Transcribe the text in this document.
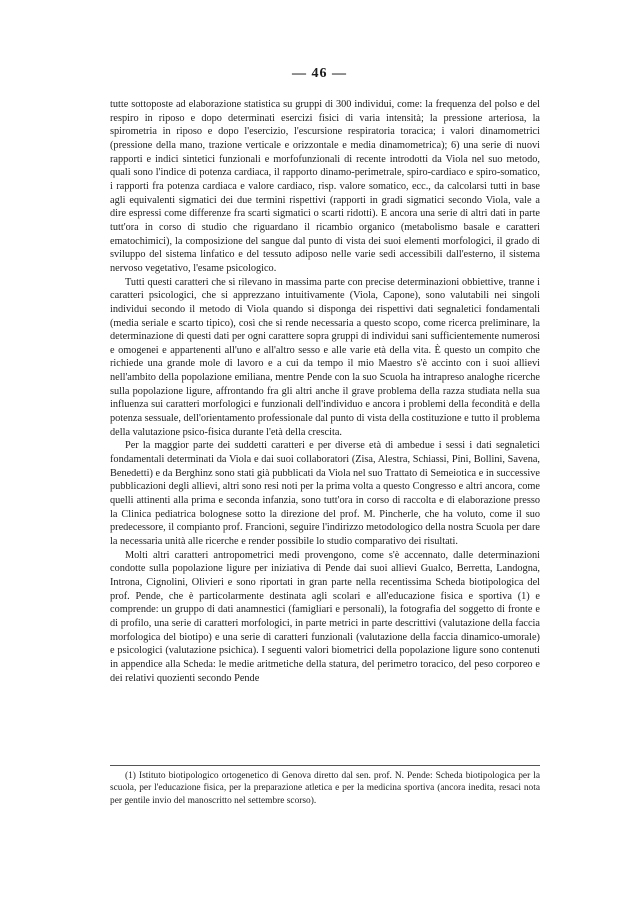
— 46 —

tutte sottoposte ad elaborazione statistica su gruppi di 300 individui, come: la frequenza del polso e del respiro in riposo e dopo determinati esercizi fisici di varia intensità; la pressione arteriosa, la spirometria in riposo e dopo l'esercizio, l'escursione respiratoria toracica; i valori dinamometrici (pressione della mano, trazione verticale e orizzontale e media dinamometrica); 6) una serie di nuovi rapporti e indici sintetici funzionali e morfofunzionali di recente introdotti da Viola nel suo metodo, quali sono l'indice di potenza cardiaca, il rapporto dinamo-perimetrale, spiro-cardiaco e spiro-somatico, i rapporti fra potenza cardiaca e valore cardiaco, risp. valore somatico, ecc., da calcolarsi tutti in base agli equivalenti sigmatici dei due termini rispettivi (rapporti in gradi sigmatici secondo Viola, vale a dire espressi come differenze fra scarti sigmatici o scarti ridotti). E ancora una serie di altri dati in parte tutt'ora in corso di studio che riguardano il ricambio organico (metabolismo basale e caratteri ematochimici), la composizione del sangue dal punto di vista dei suoi elementi morfologici, il grado di sviluppo del sistema linfatico e del tessuto adiposo nelle varie sedi accessibili dall'esterno, il sistema nervoso vegetativo, l'esame psicologico.

Tutti questi caratteri che si rilevano in massima parte con precise determinazioni obbiettive, tranne i caratteri psicologici, che si apprezzano intuitivamente (Viola, Capone), sono valutabili nei singoli individui secondo il metodo di Viola quando si disponga dei rispettivi dati segnaletici fondamentali (media seriale e scarto tipico), così che si rende necessaria a questo scopo, come ricerca preliminare, la determinazione di questi dati per ogni carattere sopra gruppi di individui sani sufficientemente numerosi e omogenei e appartenenti all'uno e all'altro sesso e alle varie età della vita. È questo un compito che richiede una grande mole di lavoro e a cui da tempo il mio Maestro s'è accinto con i suoi allievi nell'ambito della popolazione emiliana, mentre Pende con la suo Scuola ha intrapreso analoghe ricerche sulla popolazione ligure, affrontando fra gli altri anche il grave problema della razza studiata nella sua influenza sui caratteri morfologici e funzionali dell'individuo e ancora i problemi della fecondità e della potenza sessuale, dell'orientamento professionale dal punto di vista della costituzione e tutto il problema della valutazione psico-fisica durante l'età della crescita.

Per la maggior parte dei suddetti caratteri e per diverse età di ambedue i sessi i dati segnaletici fondamentali determinati da Viola e dai suoi collaboratori (Zisa, Alestra, Schiassi, Pini, Bollini, Savena, Benedetti) e da Berghinz sono stati già pubblicati da Viola nel suo Trattato di Semeiotica e in successive pubblicazioni degli allievi, altri sono resi noti per la prima volta a questo Congresso e altri ancora, come quelli attinenti alla prima e seconda infanzia, sono tutt'ora in corso di raccolta e di elaborazione presso la Clinica pediatrica bolognese sotto la direzione del prof. M. Pincherle, che ha voluto, come il suo predecessore, il compianto prof. Francioni, seguire l'indirizzo metodologico della nostra Scuola per dare la necessaria unità alle ricerche e render possibile lo studio comparativo dei risultati.

Molti altri caratteri antropometrici medi provengono, come s'è accennato, dalle determinazioni condotte sulla popolazione ligure per iniziativa di Pende dai suoi allievi Gualco, Berretta, Landogna, Introna, Cignolini, Olivieri e sono riportati in gran parte nella recentissima Scheda biotipologica del prof. Pende, che è particolarmente destinata agli scolari e all'educazione fisica e sportiva (1) e comprende: un gruppo di dati anamnestici (famigliari e personali), la fotografia del soggetto di fronte e di profilo, una serie di caratteri morfologici, in parte metrici in parte descrittivi (valutazione della faccia morfologica del biotipo) e una serie di caratteri funzionali (valutazione della faccia dinamico-umorale) e psicologici (valutazione psichica). I seguenti valori biometrici della popolazione ligure sono contenuti in appendice alla Scheda: le medie aritmetiche della statura, del perimetro toracico, del peso corporeo e dei relativi quozienti secondo Pende

(1) Istituto biotipologico ortogenetico di Genova diretto dal sen. prof. N. Pende: Scheda biotipologica per la scuola, per l'educazione fisica, per la preparazione atletica e per la medicina sportiva (ancora inedita, resaci nota per gentile invio del manoscritto nel settembre scorso).
